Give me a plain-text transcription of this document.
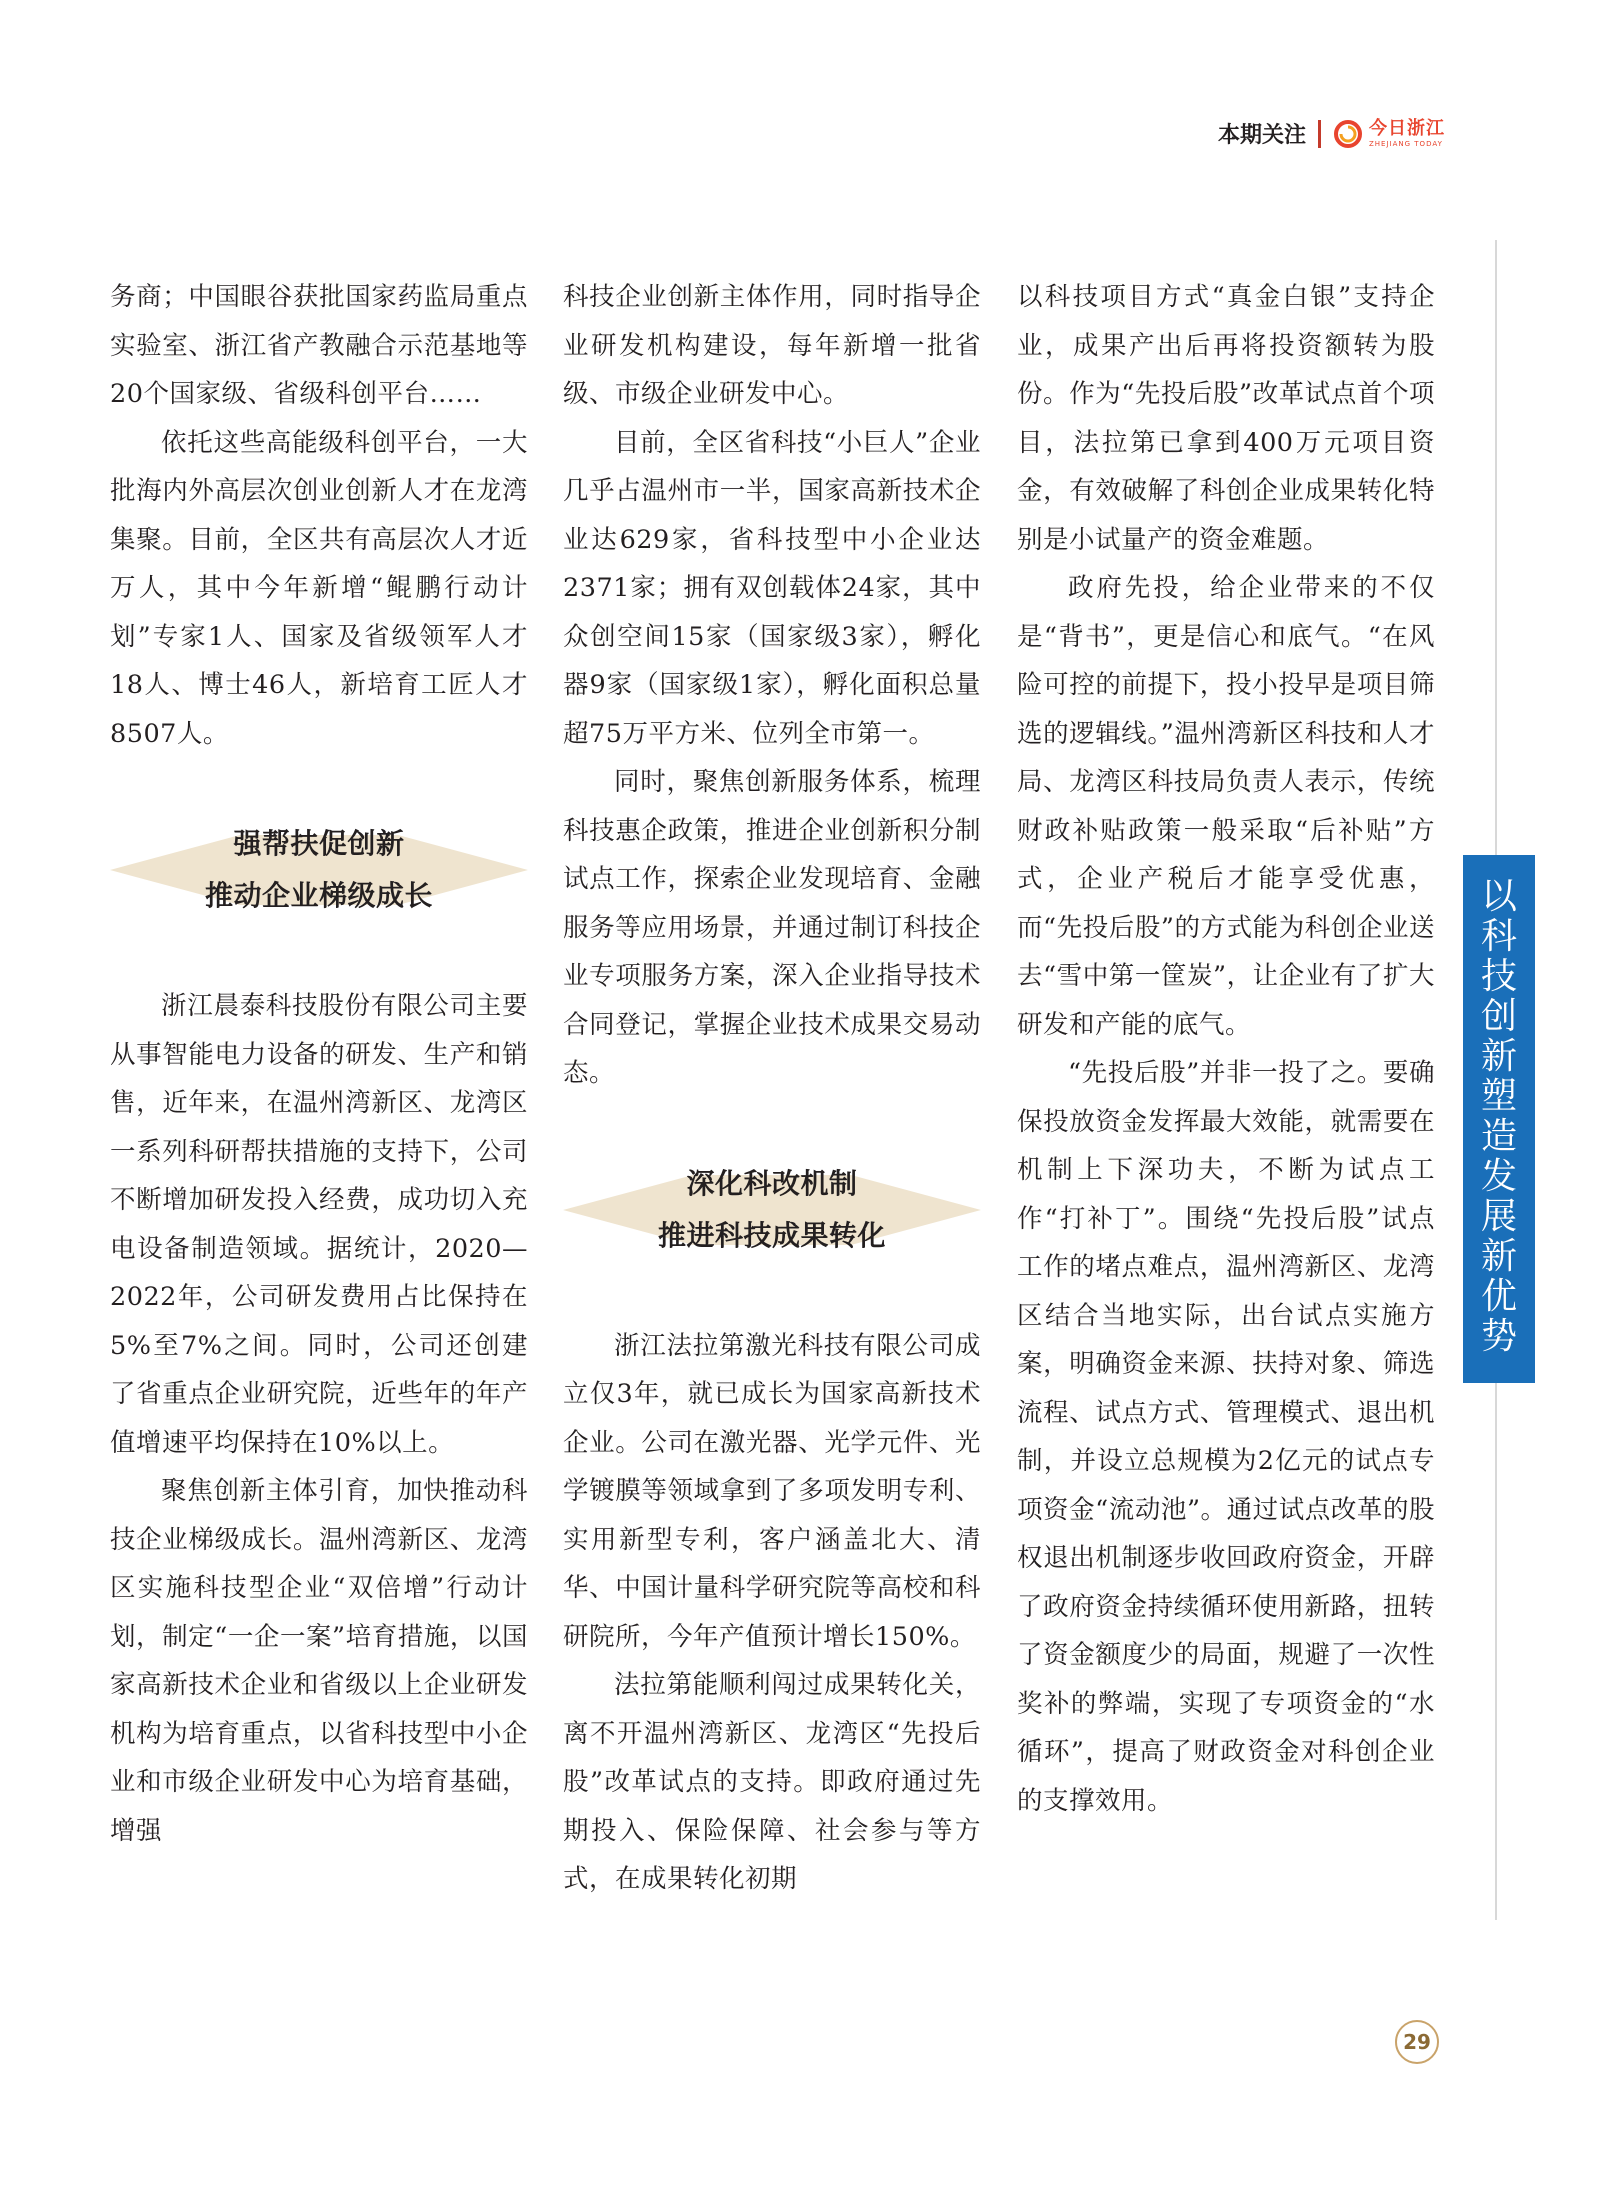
本期关注	今日浙江
ZHEJIANG TODAY
以科技创新塑造发展新优势

务商；中国眼谷获批国家药监局重点实验室、浙江省产教融合示范基地等20个国家级、省级科创平台……

依托这些高能级科创平台，一大批海内外高层次创业创新人才在龙湾集聚。目前，全区共有高层次人才近万人，其中今年新增“鲲鹏行动计划”专家1人、国家及省级领军人才18人、博士46人，新培育工匠人才8507人。

强帮扶促创新
推动企业梯级成长

浙江晨泰科技股份有限公司主要从事智能电力设备的研发、生产和销售，近年来，在温州湾新区、龙湾区一系列科研帮扶措施的支持下，公司不断增加研发投入经费，成功切入充电设备制造领域。据统计，2020—2022年，公司研发费用占比保持在5%至7%之间。同时，公司还创建了省重点企业研究院，近些年的年产值增速平均保持在10%以上。

聚焦创新主体引育，加快推动科技企业梯级成长。温州湾新区、龙湾区实施科技型企业“双倍增”行动计划，制定“一企一案”培育措施，以国家高新技术企业和省级以上企业研发机构为培育重点，以省科技型中小企业和市级企业研发中心为培育基础，增强

科技企业创新主体作用，同时指导企业研发机构建设，每年新增一批省级、市级企业研发中心。

目前，全区省科技“小巨人”企业几乎占温州市一半，国家高新技术企业达629家，省科技型中小企业达2371家；拥有双创载体24家，其中众创空间15家（国家级3家），孵化器9家（国家级1家），孵化面积总量超75万平方米、位列全市第一。

同时，聚焦创新服务体系，梳理科技惠企政策，推进企业创新积分制试点工作，探索企业发现培育、金融服务等应用场景，并通过制订科技企业专项服务方案，深入企业指导技术合同登记，掌握企业技术成果交易动态。

深化科改机制
推进科技成果转化

浙江法拉第激光科技有限公司成立仅3年，就已成长为国家高新技术企业。公司在激光器、光学元件、光学镀膜等领域拿到了多项发明专利、实用新型专利，客户涵盖北大、清华、中国计量科学研究院等高校和科研院所，今年产值预计增长150%。

法拉第能顺利闯过成果转化关，离不开温州湾新区、龙湾区“先投后股”改革试点的支持。即政府通过先期投入、保险保障、社会参与等方式，在成果转化初期

以科技项目方式“真金白银”支持企业，成果产出后再将投资额转为股份。作为“先投后股”改革试点首个项目，法拉第已拿到400万元项目资金，有效破解了科创企业成果转化特别是小试量产的资金难题。

政府先投，给企业带来的不仅是“背书”，更是信心和底气。“在风险可控的前提下，投小投早是项目筛选的逻辑线。”温州湾新区科技和人才局、龙湾区科技局负责人表示，传统财政补贴政策一般采取“后补贴”方式，企业产税后才能享受优惠，而“先投后股”的方式能为科创企业送去“雪中第一筐炭”，让企业有了扩大研发和产能的底气。

“先投后股”并非一投了之。要确保投放资金发挥最大效能，就需要在机制上下深功夫，不断为试点工作“打补丁”。围绕“先投后股”试点工作的堵点难点，温州湾新区、龙湾区结合当地实际，出台试点实施方案，明确资金来源、扶持对象、筛选流程、试点方式、管理模式、退出机制，并设立总规模为2亿元的试点专项资金“流动池”。通过试点改革的股权退出机制逐步收回政府资金，开辟了政府资金持续循环使用新路，扭转了资金额度少的局面，规避了一次性奖补的弊端，实现了专项资金的“水循环”，提高了财政资金对科创企业的支撑效用。

29
